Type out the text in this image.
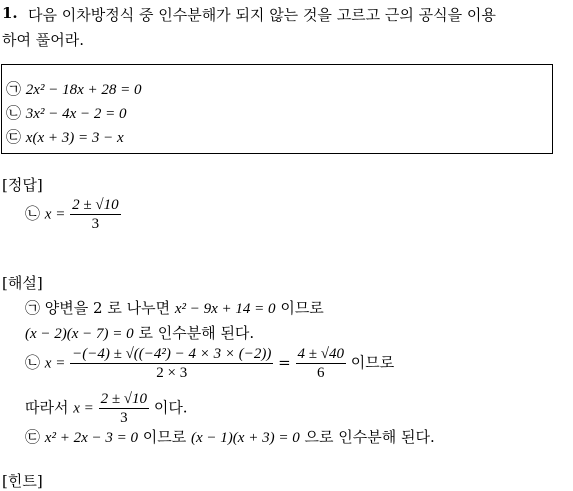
1. 다음 이차방정식 중 인수분해가 되지 않는 것을 고르고 근의 공식을 이용
하여 풀어라.
㉠ 2x² − 18x + 28 = 0
㉡ 3x² − 4x − 2 = 0
㉢ x(x + 3) = 3 − x
[정답]
㉡ $x = \frac{2 \pm √10}{3}$
[해설]
㉠ 양변을 2 로 나누면 x² − 9x + 14 = 0 이므로
(x − 2)(x − 7) = 0 로 인수분해 된다.
㉡ $x = \frac{\text{−(−4) ± √((−4²) − 4 × 3 × (−2))}}{2 \times 3} = \frac{4 \pm √40}{6}$ 이므로
따라서 $x = \frac{2 \pm √10}{3}$ 이다.
㉢ x² + 2x − 3 = 0 이므로 (x − 1)(x + 3) = 0 으로 인수분해 된다.
[힌트]
